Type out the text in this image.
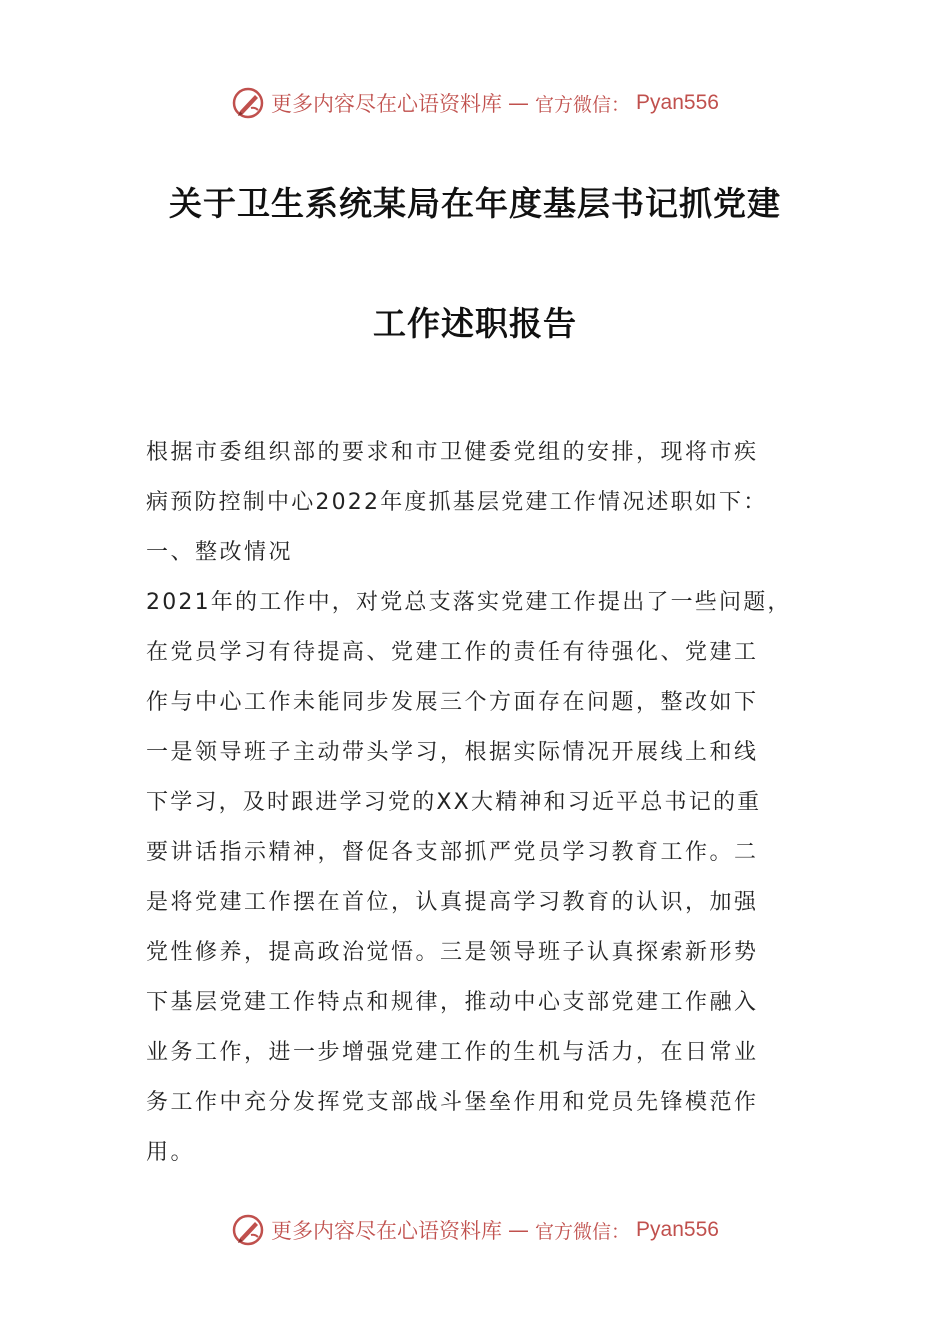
更多内容尽在心语资料库 — 官方微信： Pyan556
关于卫生系统某局在年度基层书记抓党建
工作述职报告
根据市委组织部的要求和市卫健委党组的安排，现将市疾
病预防控制中心2022年度抓基层党建工作情况述职如下：
一、整改情况
2021年的工作中，对党总支落实党建工作提出了一些问题，
在党员学习有待提高、党建工作的责任有待强化、党建工
作与中心工作未能同步发展三个方面存在问题，整改如下
一是领导班子主动带头学习，根据实际情况开展线上和线
下学习，及时跟进学习党的XX大精神和习近平总书记的重
要讲话指示精神，督促各支部抓严党员学习教育工作。二
是将党建工作摆在首位，认真提高学习教育的认识，加强
党性修养，提高政治觉悟。三是领导班子认真探索新形势
下基层党建工作特点和规律，推动中心支部党建工作融入
业务工作，进一步增强党建工作的生机与活力，在日常业
务工作中充分发挥党支部战斗堡垒作用和党员先锋模范作
用。
更多内容尽在心语资料库 — 官方微信： Pyan556
